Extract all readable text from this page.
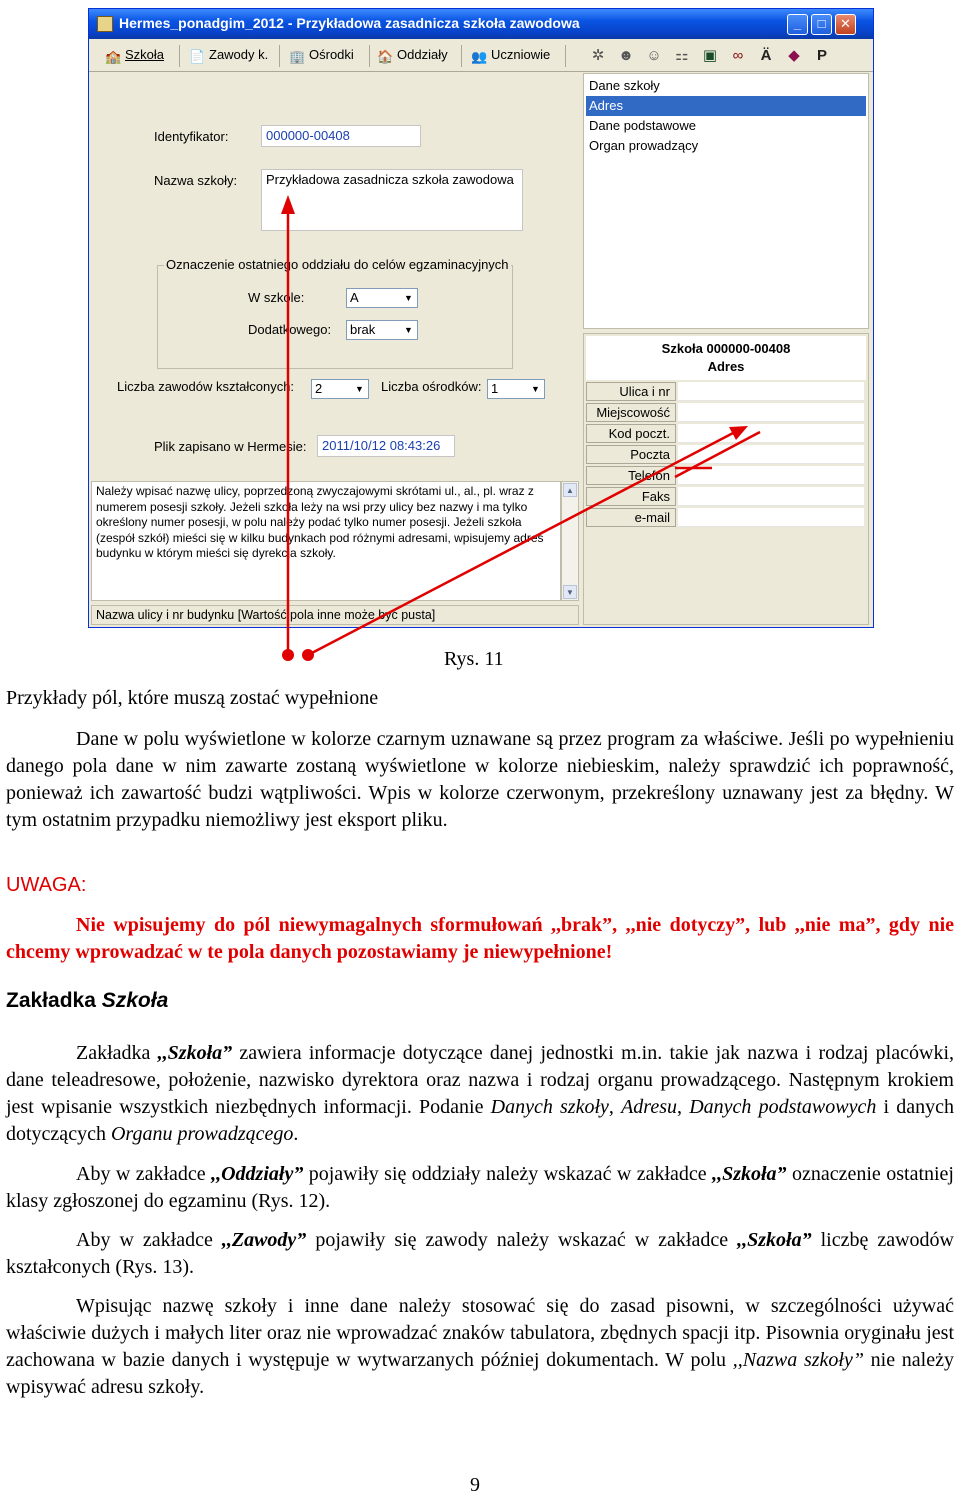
Hermes_ponadgim_2012 - Przykładowa zasadnicza szkoła zawodowa	_	□	✕
🏫 Szkoła 📄 Zawody k. 🏢 Ośrodki 🏠 Oddziały 👥 Uczniowie	✲ ☻ ☺ ⚏ ▣ ∞ Ä ◆ P
Identyfikator:	000000-00408
Nazwa szkoły:	Przykładowa zasadnicza szkoła zawodowa
Oznaczenie ostatniego oddziału do celów egzaminacyjnych
W szkole:	A	▼
Dodatkowego:	brak	▼
Liczba zawodów kształconych:	2	▼ Liczba ośrodków: 1	▼
Plik zapisano w Hermesie:	2011/10/12 08:43:26
Należy wpisać nazwę ulicy, poprzedzoną zwyczajowymi skrótami ul., al., pl. wraz z numerem posesji szkoły. Jeżeli szkoła leży na wsi przy ulicy bez nazwy i ma tylko określony numer posesji, w polu należy podać tylko numer posesji. Jeżeli szkoła (zespół szkół) mieści się w kilku budynkach pod różnymi adresami, wpisujemy adres budynku w którym mieści się dyrekcja szkoły.
▲
▼
Nazwa ulicy i nr budynku [Wartość pola inne może być pusta]
Dane szkoły
Adres
Dane podstawowe
Organ prowadzący
Szkoła 000000-00408
Adres
Ulica i nr
Miejscowość
Kod poczt.
Poczta
Telefon
Faks
e-mail
Rys. 11
Przykłady pól, które muszą zostać wypełnione
Dane w polu wyświetlone w kolorze czarnym uznawane są przez program za właściwe. Jeśli po wypełnieniu danego pola dane w nim zawarte zostaną wyświetlone w kolorze niebieskim, należy sprawdzić ich poprawność, ponieważ ich zawartość budzi wątpliwości. Wpis w kolorze czerwonym, przekreślony uznawany jest za błędny. W tym ostatnim przypadku niemożliwy jest eksport pliku.
UWAGA:
Nie wpisujemy do pól niewymagalnych sformułowań ,,brak”, ,,nie dotyczy”, lub ,,nie ma”, gdy nie chcemy wprowadzać w te pola danych pozostawiamy je niewypełnione!
Zakładka Szkoła
Zakładka ,,Szkoła” zawiera informacje dotyczące danej jednostki m.in. takie jak nazwa i rodzaj placówki, dane teleadresowe, położenie, nazwisko dyrektora oraz nazwa i rodzaj organu prowadzącego. Następnym krokiem jest wpisanie wszystkich niezbędnych informacji. Podanie Danych szkoły, Adresu, Danych podstawowych i danych dotyczących Organu prowadzącego.
Aby w zakładce ,,Oddziały” pojawiły się oddziały należy wskazać w zakładce ,,Szkoła” oznaczenie ostatniej klasy zgłoszonej do egzaminu (Rys. 12).
Aby w zakładce ,,Zawody” pojawiły się zawody należy wskazać w zakładce ,,Szkoła” liczbę zawodów kształconych (Rys. 13).
Wpisując nazwę szkoły i inne dane należy stosować się do zasad pisowni, w szczególności używać właściwie dużych i małych liter oraz nie wprowadzać znaków tabulatora, zbędnych spacji itp. Pisownia oryginału jest zachowana w bazie danych i występuje w wytwarzanych później dokumentach. W polu ,,Nazwa szkoły” nie należy wpisywać adresu szkoły.
9
